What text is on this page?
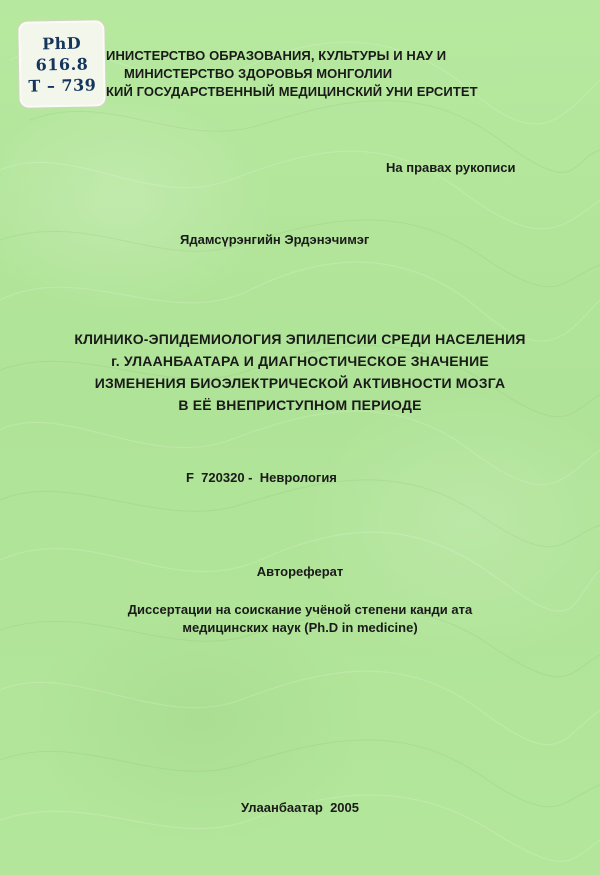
PhD
616.8
T – 739
ИНИСТЕРСТВО ОБРАЗОВАНИЯ, КУЛЬТУРЫ И НАУ И
МИНИСТЕРСТВО ЗДОРОВЬЯ МОНГОЛИИ
КИЙ ГОСУДАРСТВЕННЫЙ МЕДИЦИНСКИЙ УНИ ЕРСИТЕТ
На правах рукописи
Ядамсүрэнгийн Эрдэнэчимэг
КЛИНИКО-ЭПИДЕМИОЛОГИЯ ЭПИЛЕПСИИ СРЕДИ НАСЕЛЕНИЯ
г. УЛААНБААТАРА И ДИАГНОСТИЧЕСКОЕ ЗНАЧЕНИЕ
ИЗМЕНЕНИЯ БИОЭЛЕКТРИЧЕСКОЙ АКТИВНОСТИ МОЗГА
В ЕЁ ВНЕПРИСТУПНОМ ПЕРИОДЕ
F  720320 -  Неврология
Автореферат
Диссертации на соискание учёной степени канди ата
медицинских наук (Ph.D in medicine)
Улаанбаатар  2005
